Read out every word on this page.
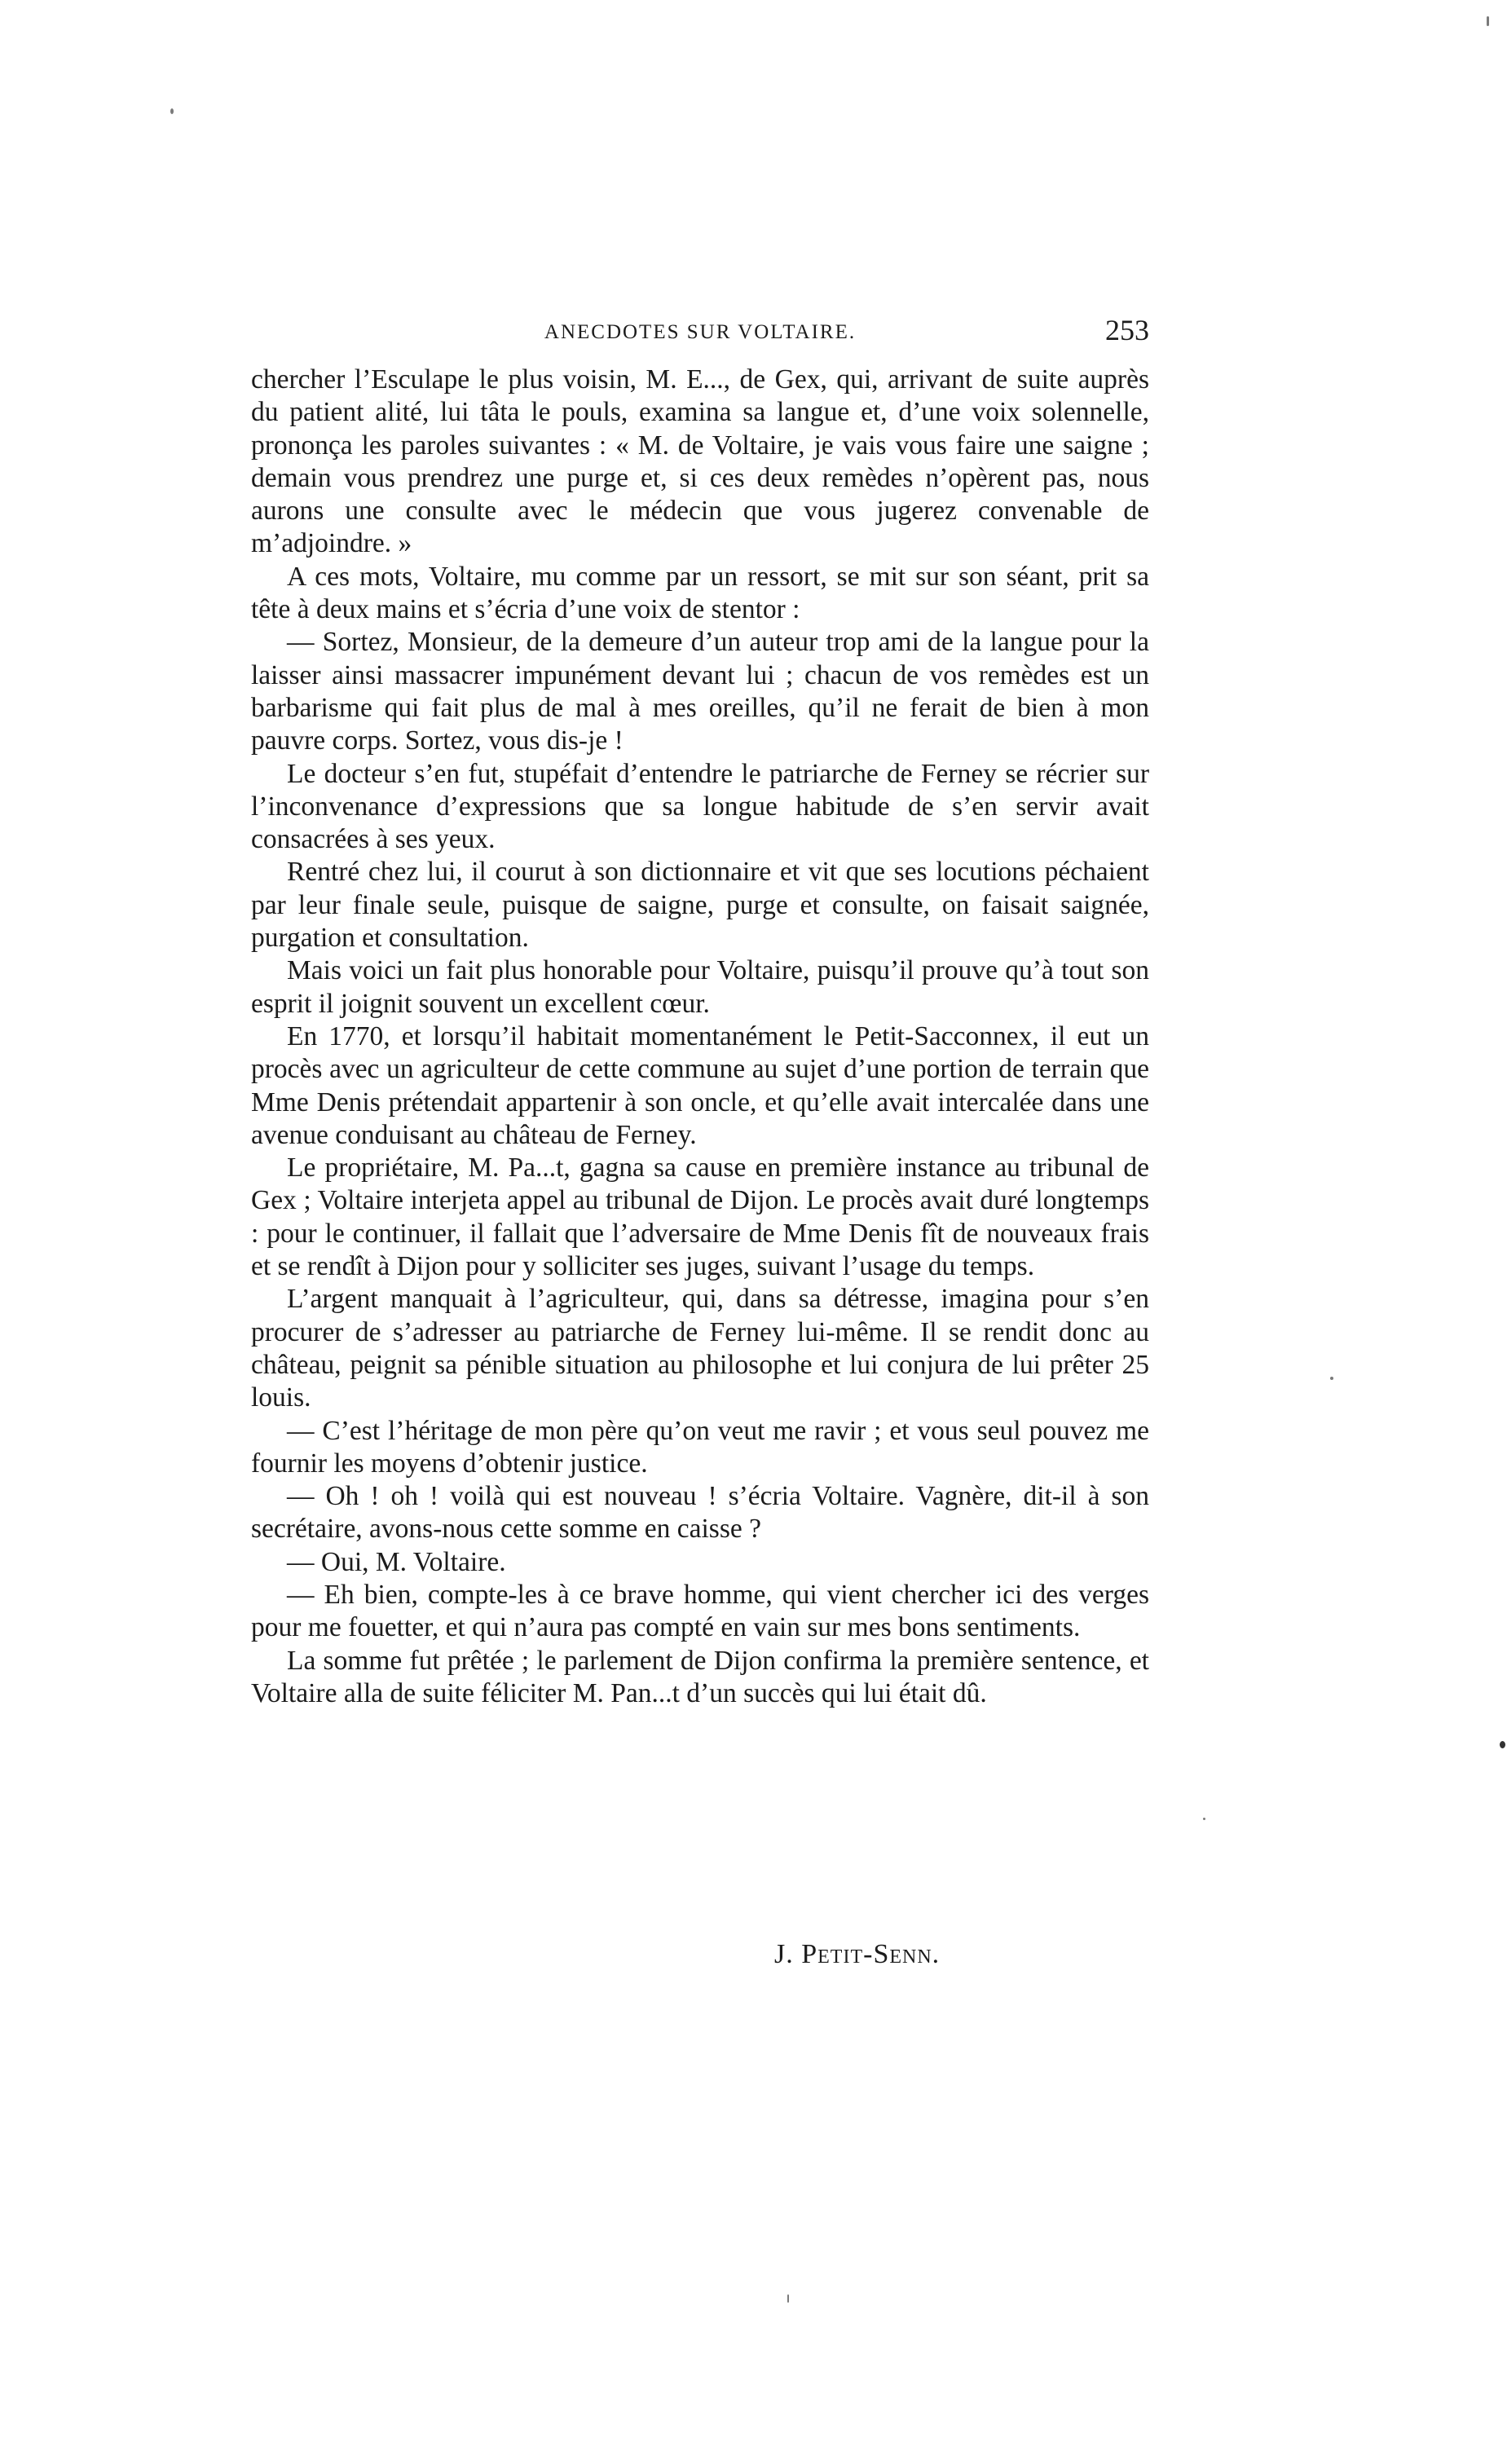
ANECDOTES SUR VOLTAIRE.	253

chercher l’Esculape le plus voisin, M. E..., de Gex, qui, arrivant de suite auprès du patient alité, lui tâta le pouls, examina sa langue et, d’une voix solennelle, prononça les paroles suivantes : « M. de Voltaire, je vais vous faire une saigne ; demain vous prendrez une purge et, si ces deux remèdes n’opèrent pas, nous aurons une consulte avec le médecin que vous jugerez convenable de m’adjoindre. »

A ces mots, Voltaire, mu comme par un ressort, se mit sur son séant, prit sa tête à deux mains et s’écria d’une voix de stentor :

— Sortez, Monsieur, de la demeure d’un auteur trop ami de la langue pour la laisser ainsi massacrer impunément devant lui ; chacun de vos remèdes est un barbarisme qui fait plus de mal à mes oreilles, qu’il ne ferait de bien à mon pauvre corps. Sortez, vous dis-je !

Le docteur s’en fut, stupéfait d’entendre le patriarche de Ferney se récrier sur l’inconvenance d’expressions que sa longue habitude de s’en servir avait consacrées à ses yeux.

Rentré chez lui, il courut à son dictionnaire et vit que ses locutions péchaient par leur finale seule, puisque de saigne, purge et consulte, on faisait saignée, purgation et consultation.

Mais voici un fait plus honorable pour Voltaire, puisqu’il prouve qu’à tout son esprit il joignit souvent un excellent cœur.

En 1770, et lorsqu’il habitait momentanément le Petit-Sacconnex, il eut un procès avec un agriculteur de cette commune au sujet d’une portion de terrain que Mme Denis prétendait appartenir à son oncle, et qu’elle avait intercalée dans une avenue conduisant au château de Ferney.

Le propriétaire, M. Pa...t, gagna sa cause en première instance au tribunal de Gex ; Voltaire interjeta appel au tribunal de Dijon. Le procès avait duré longtemps : pour le continuer, il fallait que l’adversaire de Mme Denis fît de nouveaux frais et se rendît à Dijon pour y solliciter ses juges, suivant l’usage du temps.

L’argent manquait à l’agriculteur, qui, dans sa détresse, imagina pour s’en procurer de s’adresser au patriarche de Ferney lui-même. Il se rendit donc au château, peignit sa pénible situation au philosophe et lui conjura de lui prêter 25 louis.

— C’est l’héritage de mon père qu’on veut me ravir ; et vous seul pouvez me fournir les moyens d’obtenir justice.

— Oh ! oh ! voilà qui est nouveau ! s’écria Voltaire. Vagnère, dit-il à son secrétaire, avons-nous cette somme en caisse ?

— Oui, M. Voltaire.

— Eh bien, compte-les à ce brave homme, qui vient chercher ici des verges pour me fouetter, et qui n’aura pas compté en vain sur mes bons sentiments.

La somme fut prêtée ; le parlement de Dijon confirma la première sentence, et Voltaire alla de suite féliciter M. Pan...t d’un succès qui lui était dû.

J. Petit-Senn.
